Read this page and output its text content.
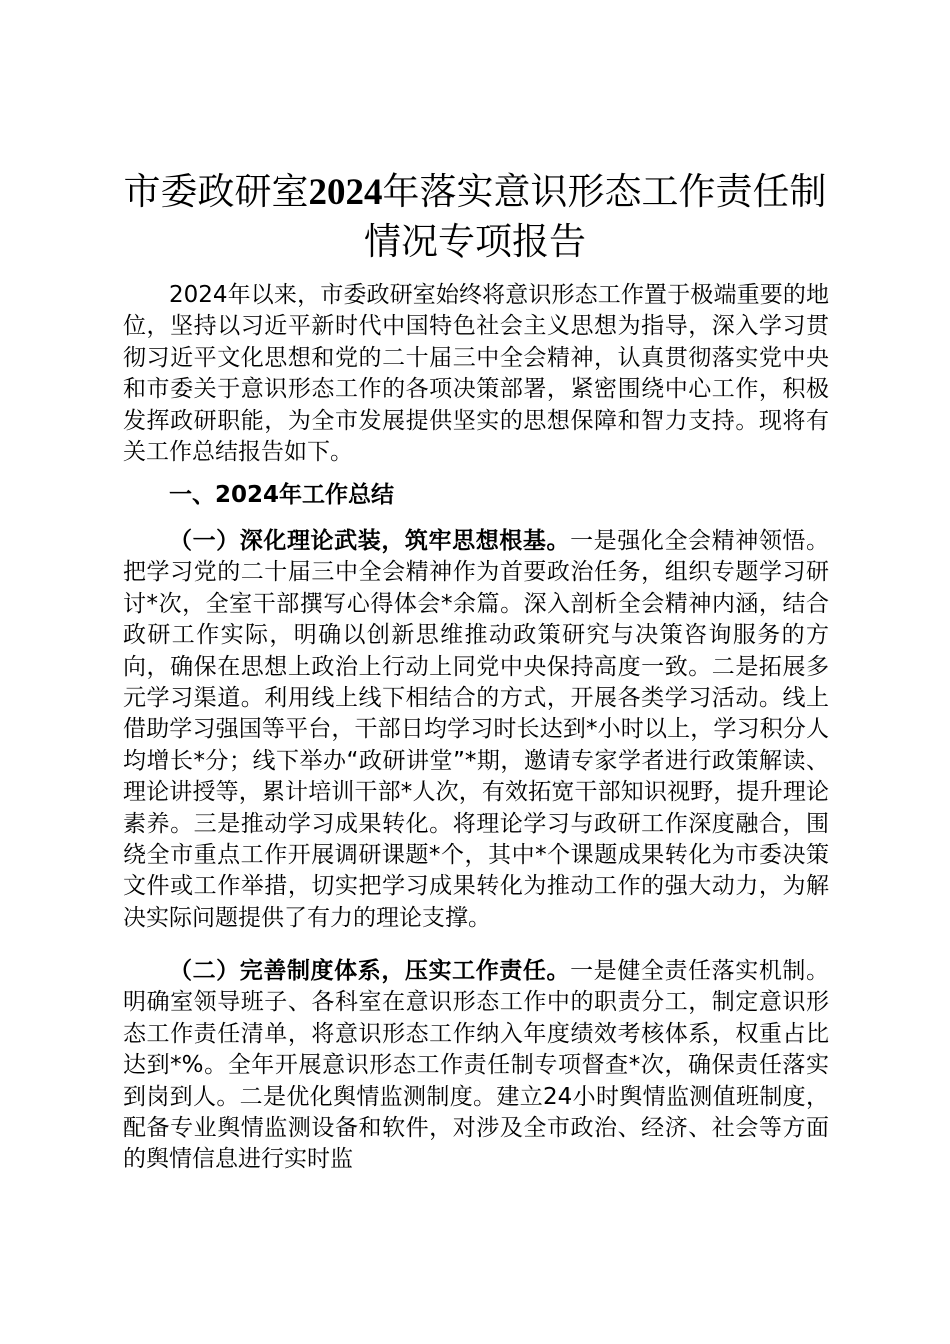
市委政研室2024年落实意识形态工作责任制
情况专项报告

2024年以来，市委政研室始终将意识形态工作置于极端重要的地位，坚持以习近平新时代中国特色社会主义思想为指导，深入学习贯彻习近平文化思想和党的二十届三中全会精神，认真贯彻落实党中央和市委关于意识形态工作的各项决策部署，紧密围绕中心工作，积极发挥政研职能，为全市发展提供坚实的思想保障和智力支持。现将有关工作总结报告如下。

一、2024年工作总结

（一）深化理论武装，筑牢思想根基。一是强化全会精神领悟。把学习党的二十届三中全会精神作为首要政治任务，组织专题学习研讨*次，全室干部撰写心得体会*余篇。深入剖析全会精神内涵，结合政研工作实际，明确以创新思维推动政策研究与决策咨询服务的方向，确保在思想上政治上行动上同党中央保持高度一致。二是拓展多元学习渠道。利用线上线下相结合的方式，开展各类学习活动。线上借助学习强国等平台，干部日均学习时长达到*小时以上，学习积分人均增长*分；线下举办“政研讲堂”*期，邀请专家学者进行政策解读、理论讲授等，累计培训干部*人次，有效拓宽干部知识视野，提升理论素养。三是推动学习成果转化。将理论学习与政研工作深度融合，围绕全市重点工作开展调研课题*个，其中*个课题成果转化为市委决策文件或工作举措，切实把学习成果转化为推动工作的强大动力，为解决实际问题提供了有力的理论支撑。

（二）完善制度体系，压实工作责任。一是健全责任落实机制。明确室领导班子、各科室在意识形态工作中的职责分工，制定意识形态工作责任清单，将意识形态工作纳入年度绩效考核体系，权重占比达到*%。全年开展意识形态工作责任制专项督查*次，确保责任落实到岗到人。二是优化舆情监测制度。建立24小时舆情监测值班制度，配备专业舆情监测设备和软件，对涉及全市政治、经济、社会等方面的舆情信息进行实时监
